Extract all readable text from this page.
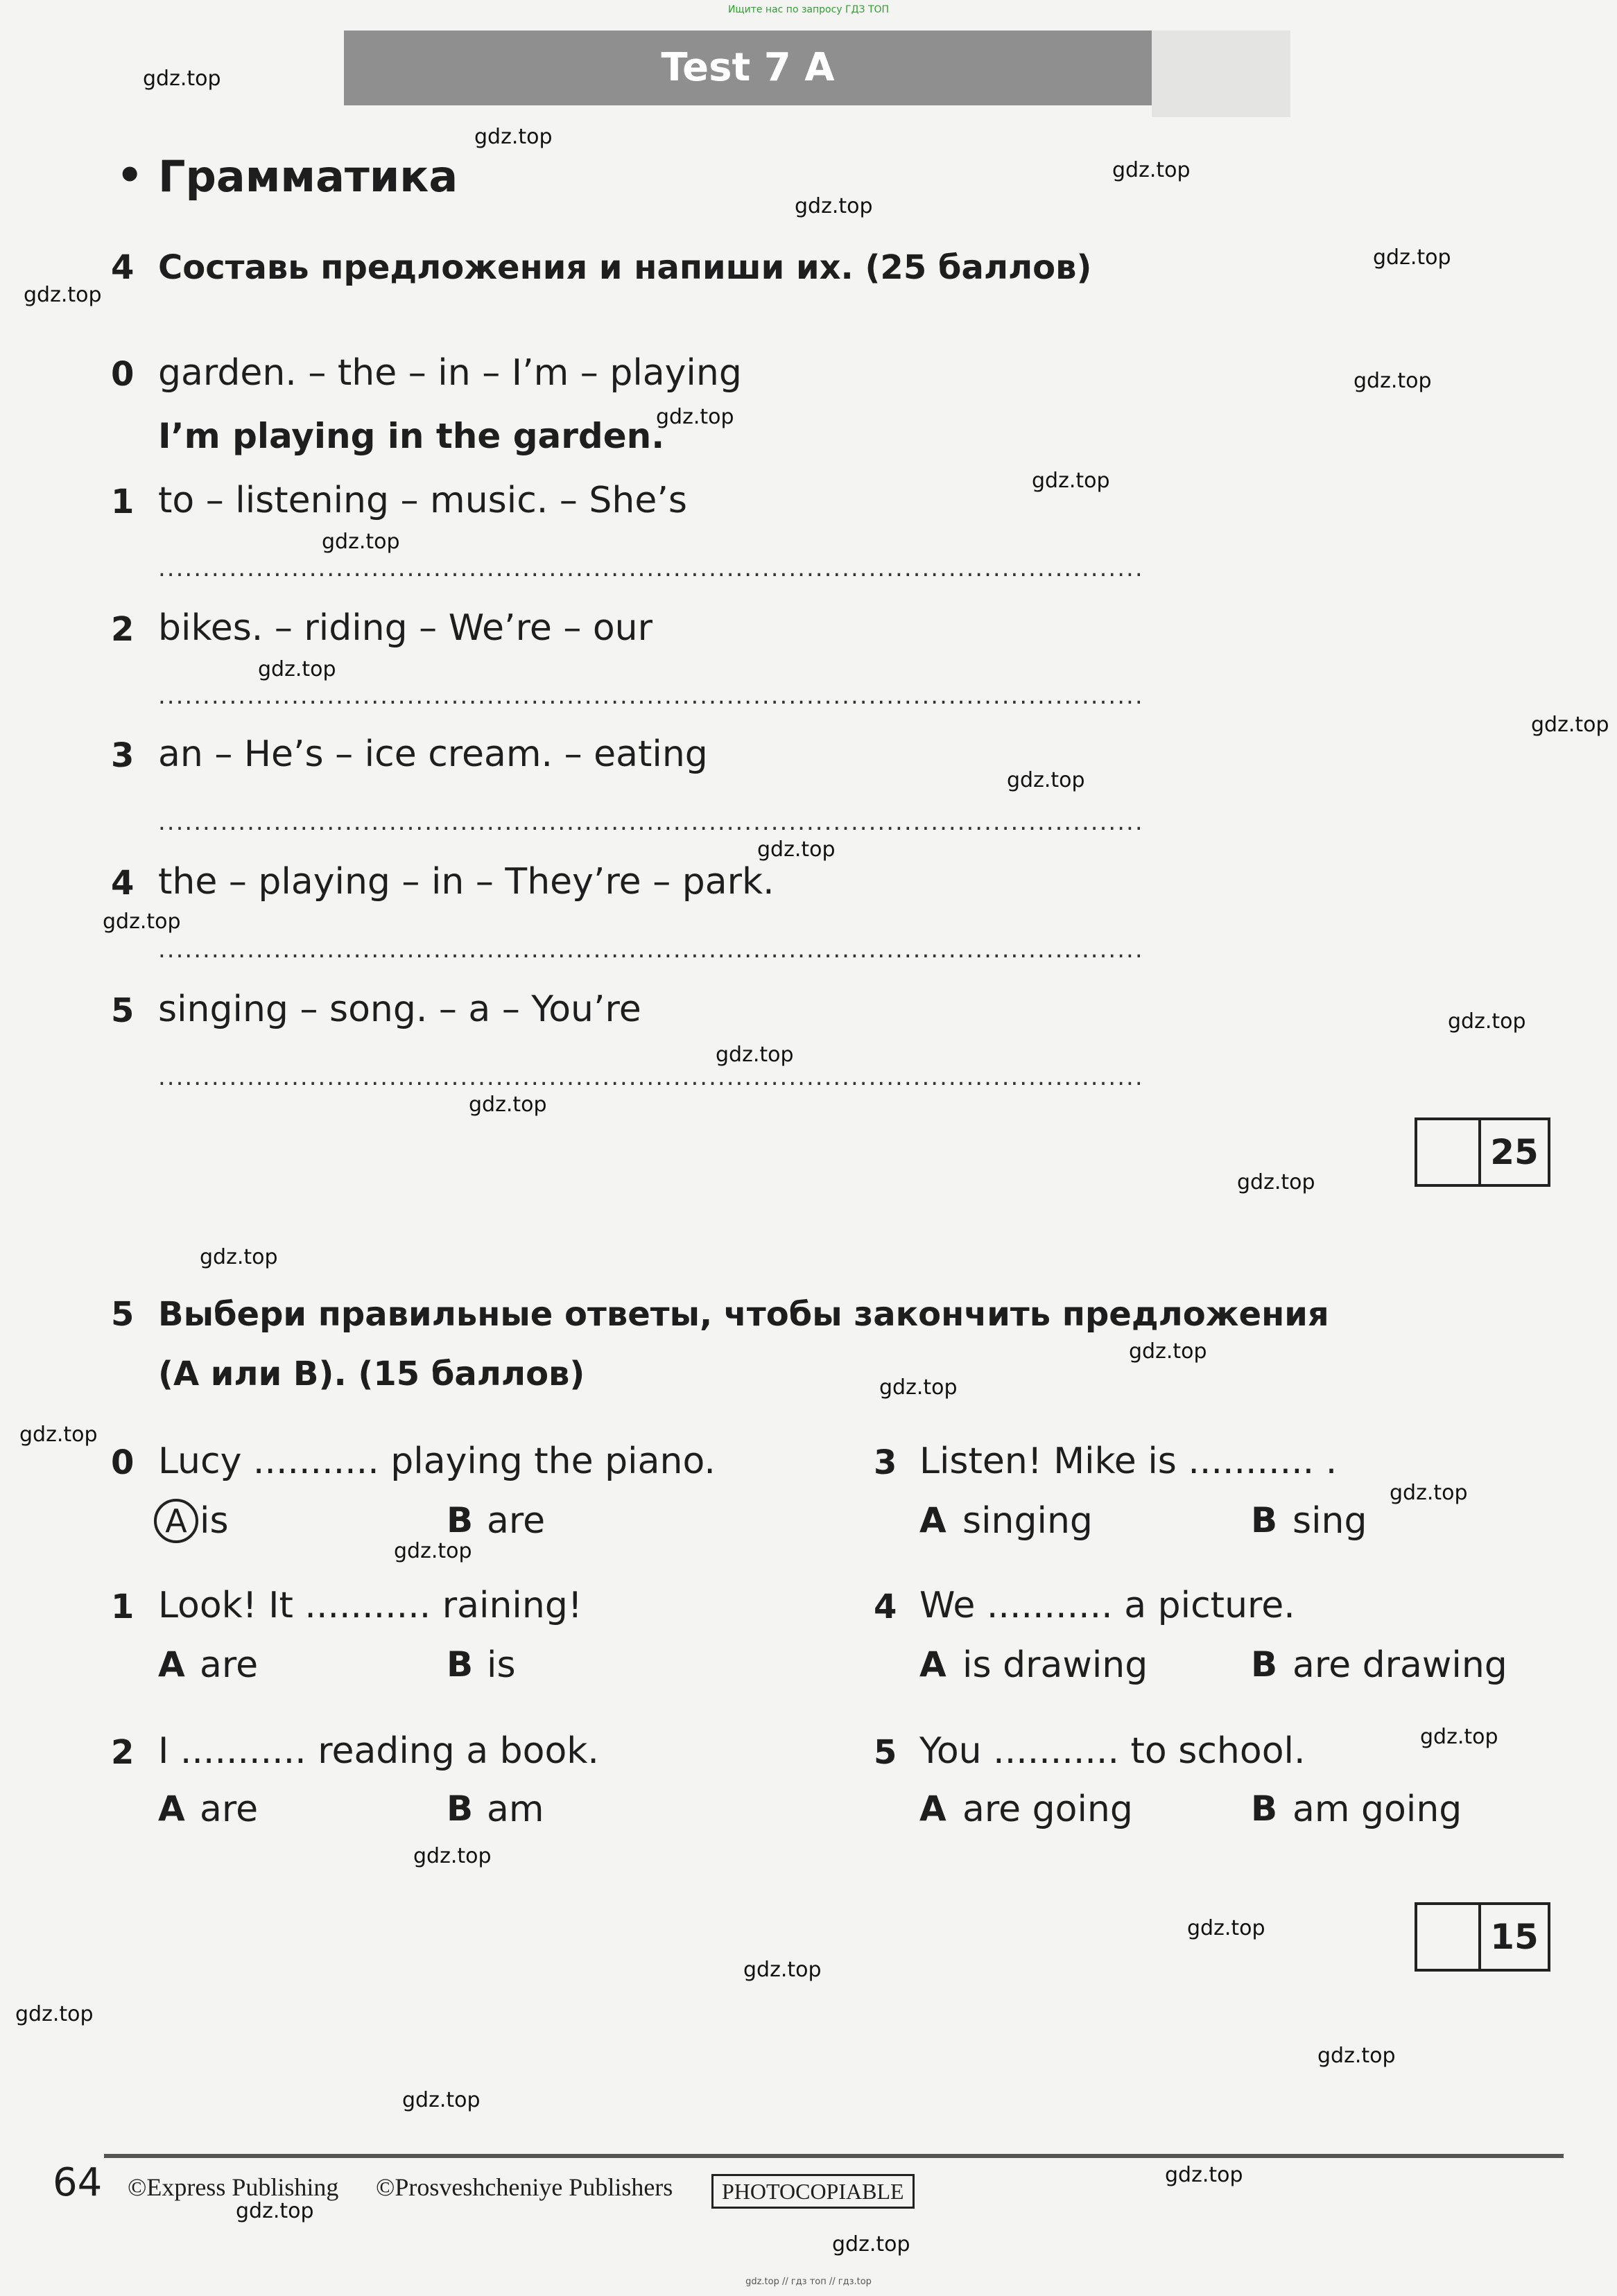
Ищите нас по запросу ГДЗ ТОП
Test 7 A
• Грамматика
4 Составь предложения и напиши их. (25 баллов)
0 garden. – the – in – I’m – playing
I’m playing in the garden.
1 to – listening – music. – She’s
...............................................................................................................
2 bikes. – riding – We’re – our
...............................................................................................................
3 an – He’s – ice cream. – eating
...............................................................................................................
4 the – playing – in – They’re – park.
...............................................................................................................
5 singing – song. – a – You’re
...............................................................................................................
25
5 Выбери правильные ответы, чтобы закончить предложения
(A или B). (15 баллов)
0 Lucy ........... playing the piano.
A is	B are
1 Look! It ........... raining!
A are	B is
2 I ........... reading a book.
A are	B am
3 Listen! Mike is ........... .
A singing	B sing
4 We ........... a picture.
A is drawing	B are drawing
5 You ........... to school.
A are going	B am going
15
gdz.top
gdz.top
gdz.top
gdz.top
gdz.top
gdz.top
gdz.top
gdz.top
gdz.top
gdz.top
gdz.top
gdz.top
gdz.top
gdz.top
gdz.top
gdz.top
gdz.top
gdz.top
gdz.top
gdz.top
gdz.top
gdz.top
gdz.top
gdz.top
gdz.top
gdz.top
gdz.top
gdz.top
gdz.top
gdz.top
gdz.top
gdz.top
gdz.top
gdz.top
gdz.top
64 ©Express Publishing ©Prosveshcheniye Publishers	PHOTOCOPIABLE
gdz.top // гдз топ // гдз.top
